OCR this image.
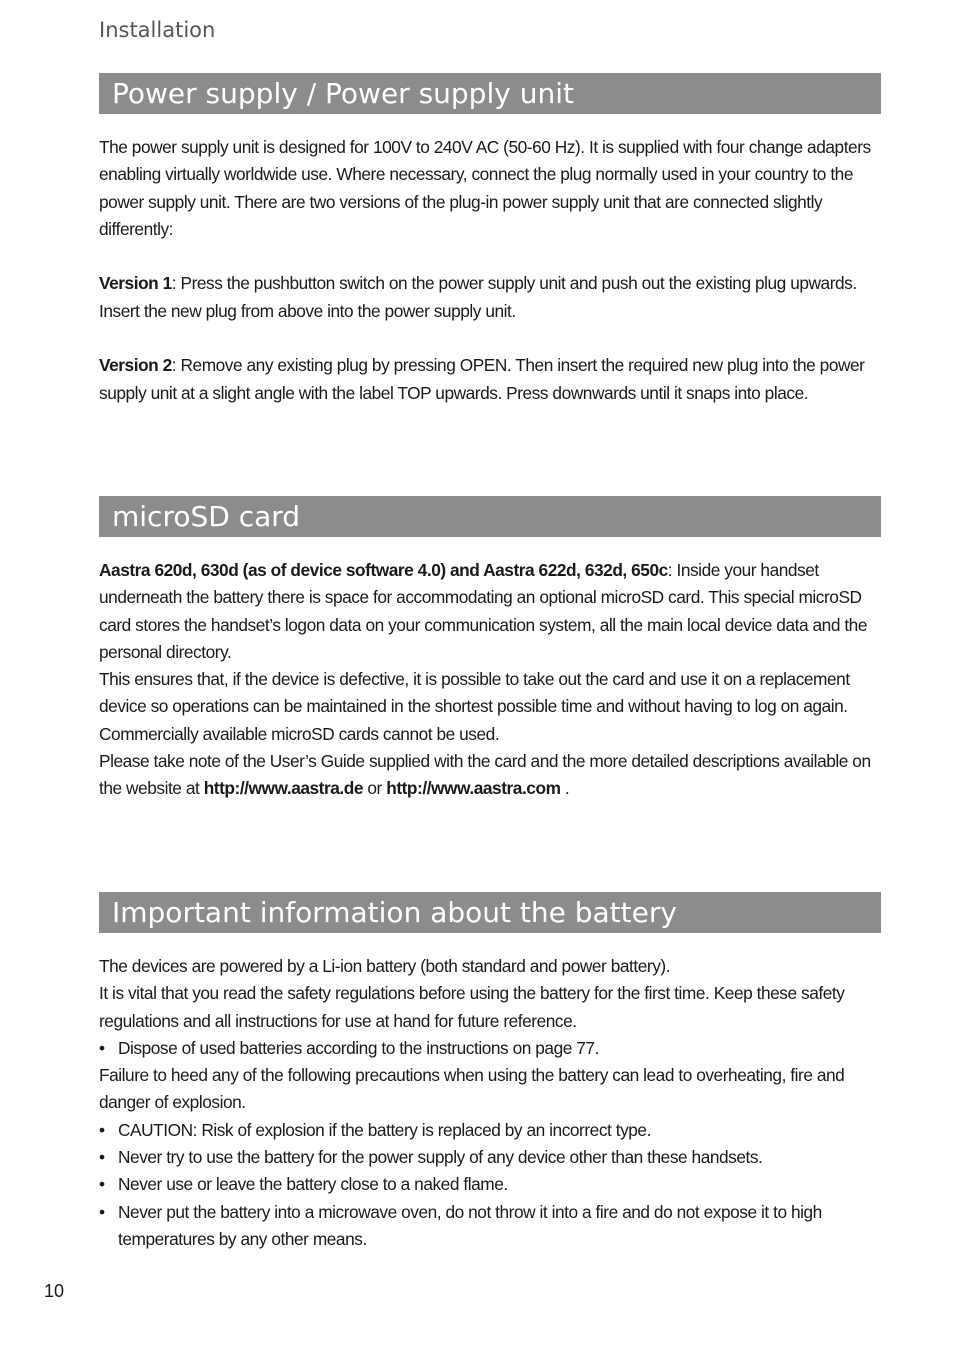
Installation
Power supply / Power supply unit

The power supply unit is designed for 100V to 240V AC (50-60 Hz). It is supplied with four change adapters enabling virtually worldwide use. Where necessary, connect the plug normally used in your country to the power supply unit. There are two versions of the plug-in power supply unit that are connected slightly differently:

Version 1: Press the pushbutton switch on the power supply unit and push out the existing plug upwards. Insert the new plug from above into the power supply unit.

Version 2: Remove any existing plug by pressing OPEN. Then insert the required new plug into the power supply unit at a slight angle with the label TOP upwards. Press downwards until it snaps into place.

microSD card

Aastra 620d, 630d (as of device software 4.0) and Aastra 622d, 632d, 650c: Inside your handset underneath the battery there is space for accommodating an optional microSD card. This special microSD card stores the handset’s logon data on your communication system, all the main local device data and the personal directory.

This ensures that, if the device is defective, it is possible to take out the card and use it on a replacement device so operations can be maintained in the shortest possible time and without having to log on again.

Commercially available microSD cards cannot be used.

Please take note of the User’s Guide supplied with the card and the more detailed descriptions available on the website at http://www.aastra.de or http://www.aastra.com .

Important information about the battery

The devices are powered by a Li-ion battery (both standard and power battery).

It is vital that you read the safety regulations before using the battery for the first time. Keep these safety regulations and all instructions for use at hand for future reference.

• Dispose of used batteries according to the instructions on page 77.

Failure to heed any of the following precautions when using the battery can lead to overheating, fire and danger of explosion.

• CAUTION: Risk of explosion if the battery is replaced by an incorrect type.

• Never try to use the battery for the power supply of any device other than these handsets.

• Never use or leave the battery close to a naked flame.

• Never put the battery into a microwave oven, do not throw it into a fire and do not expose it to high temperatures by any other means.

10
